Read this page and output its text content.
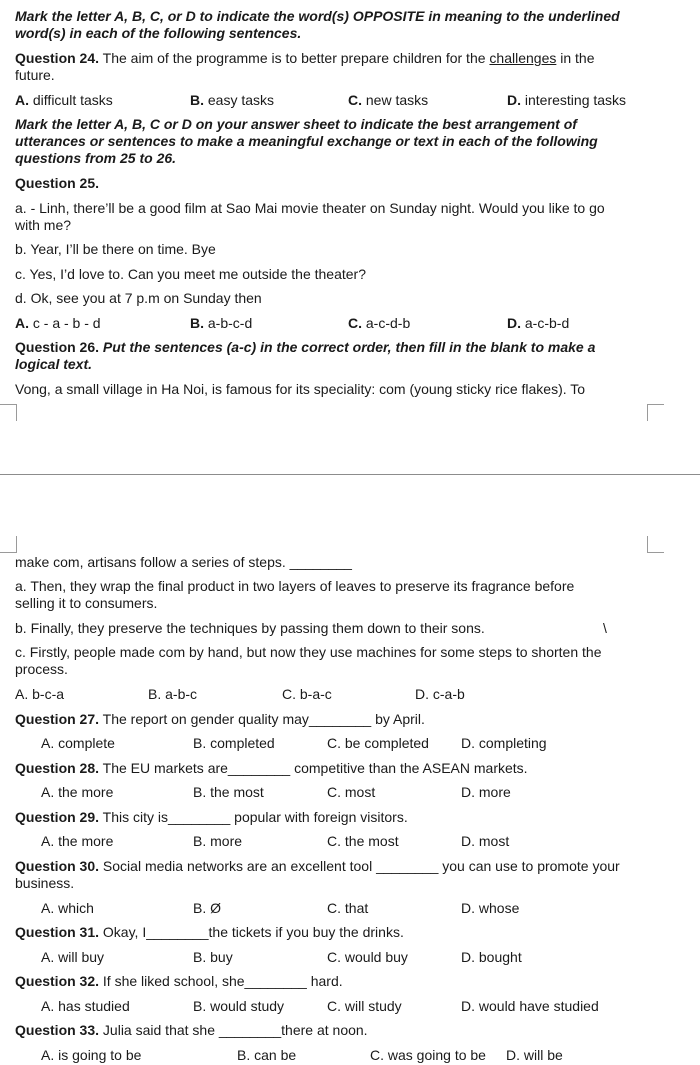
Mark the letter A, B, C, or D to indicate the word(s) OPPOSITE in meaning to the underlined
word(s) in each of the following sentences.
Question 24. The aim of the programme is to better prepare children for the challenges in the
future.
A. difficult tasks	B. easy tasks	C. new tasks	D. interesting tasks
Mark the letter A, B, C or D on your answer sheet to indicate the best arrangement of
utterances or sentences to make a meaningful exchange or text in each of the following
questions from 25 to 26.
Question 25.
a. - Linh, there’ll be a good film at Sao Mai movie theater on Sunday night. Would you like to go
with me?
b. Year, I’ll be there on time. Bye
c. Yes, I’d love to. Can you meet me outside the theater?
d. Ok, see you at 7 p.m on Sunday then
A. c - a - b - d	B. a-b-c-d	C. a-c-d-b	D. a-c-b-d
Question 26. Put the sentences (a-c) in the correct order, then fill in the blank to make a
logical text.
Vong, a small village in Ha Noi, is famous for its speciality: com (young sticky rice flakes). To
make com, artisans follow a series of steps. ________
a. Then, they wrap the final product in two layers of leaves to preserve its fragrance before
selling it to consumers.
b. Finally, they preserve the techniques by passing them down to their sons.	\
c. Firstly, people made com by hand, but now they use machines for some steps to shorten the
process.
A. b-c-a	B. a-b-c	C. b-a-c	D. c-a-b
Question 27. The report on gender quality may________ by April.
A. complete	B. completed	C. be completed D. completing
Question 28. The EU markets are________ competitive than the ASEAN markets.
A. the more	B. the most	C. most	D. more
Question 29. This city is________ popular with foreign visitors.
A. the more	B. more	C. the most	D. most
Question 30. Social media networks are an excellent tool ________ you can use to promote your
business.
A. which	B. Ø	C. that	D. whose
Question 31. Okay, I________the tickets if you buy the drinks.
A. will buy	B. buy	C. would buy	D. bought
Question 32. If she liked school, she________ hard.
A. has studied	B. would study	C. will study	D. would have studied
Question 33. Julia said that she ________there at noon.
A. is going to be	B. can be	C. was going to be D. will be
